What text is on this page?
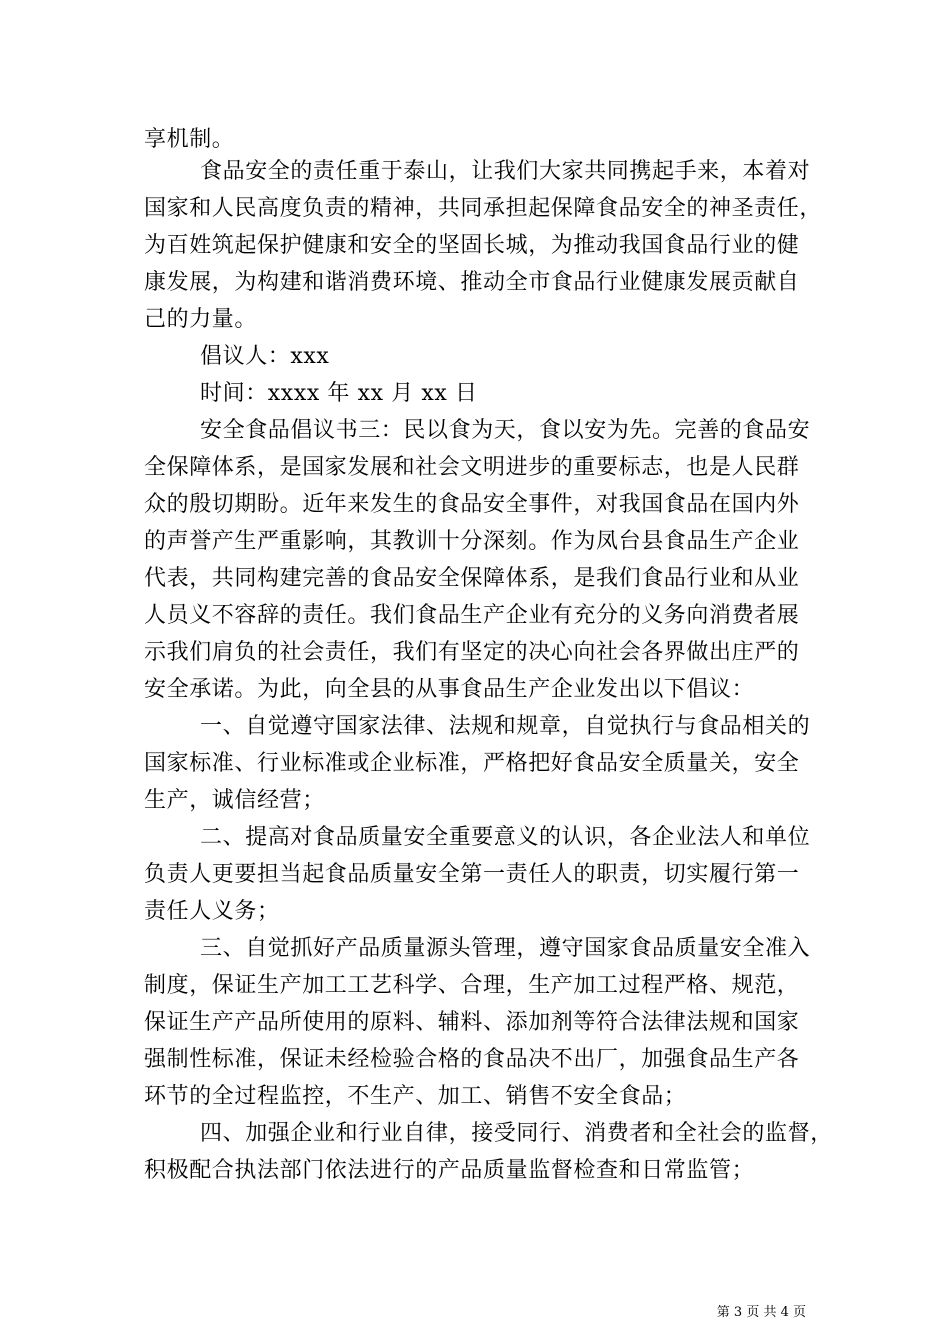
享机制。
食品安全的责任重于泰山，让我们大家共同携起手来，本着对
国家和人民高度负责的精神，共同承担起保障食品安全的神圣责任，
为百姓筑起保护健康和安全的坚固长城，为推动我国食品行业的健
康发展，为构建和谐消费环境、推动全市食品行业健康发展贡献自
己的力量。
倡议人：xxx
时间：xxxx 年 xx 月 xx 日
安全食品倡议书三：民以食为天，食以安为先。完善的食品安
全保障体系，是国家发展和社会文明进步的重要标志，也是人民群
众的殷切期盼。近年来发生的食品安全事件，对我国食品在国内外
的声誉产生严重影响，其教训十分深刻。作为凤台县食品生产企业
代表，共同构建完善的食品安全保障体系，是我们食品行业和从业
人员义不容辞的责任。我们食品生产企业有充分的义务向消费者展
示我们肩负的社会责任，我们有坚定的决心向社会各界做出庄严的
安全承诺。为此，向全县的从事食品生产企业发出以下倡议：
一、自觉遵守国家法律、法规和规章，自觉执行与食品相关的
国家标准、行业标准或企业标准，严格把好食品安全质量关，安全
生产，诚信经营；
二、提高对食品质量安全重要意义的认识，各企业法人和单位
负责人更要担当起食品质量安全第一责任人的职责，切实履行第一
责任人义务；
三、自觉抓好产品质量源头管理，遵守国家食品质量安全准入
制度，保证生产加工工艺科学、合理，生产加工过程严格、规范，
保证生产产品所使用的原料、辅料、添加剂等符合法律法规和国家
强制性标准，保证未经检验合格的食品决不出厂，加强食品生产各
环节的全过程监控，不生产、加工、销售不安全食品；
四、加强企业和行业自律，接受同行、消费者和全社会的监督，
积极配合执法部门依法进行的产品质量监督检查和日常监管；
第 3 页 共 4 页
